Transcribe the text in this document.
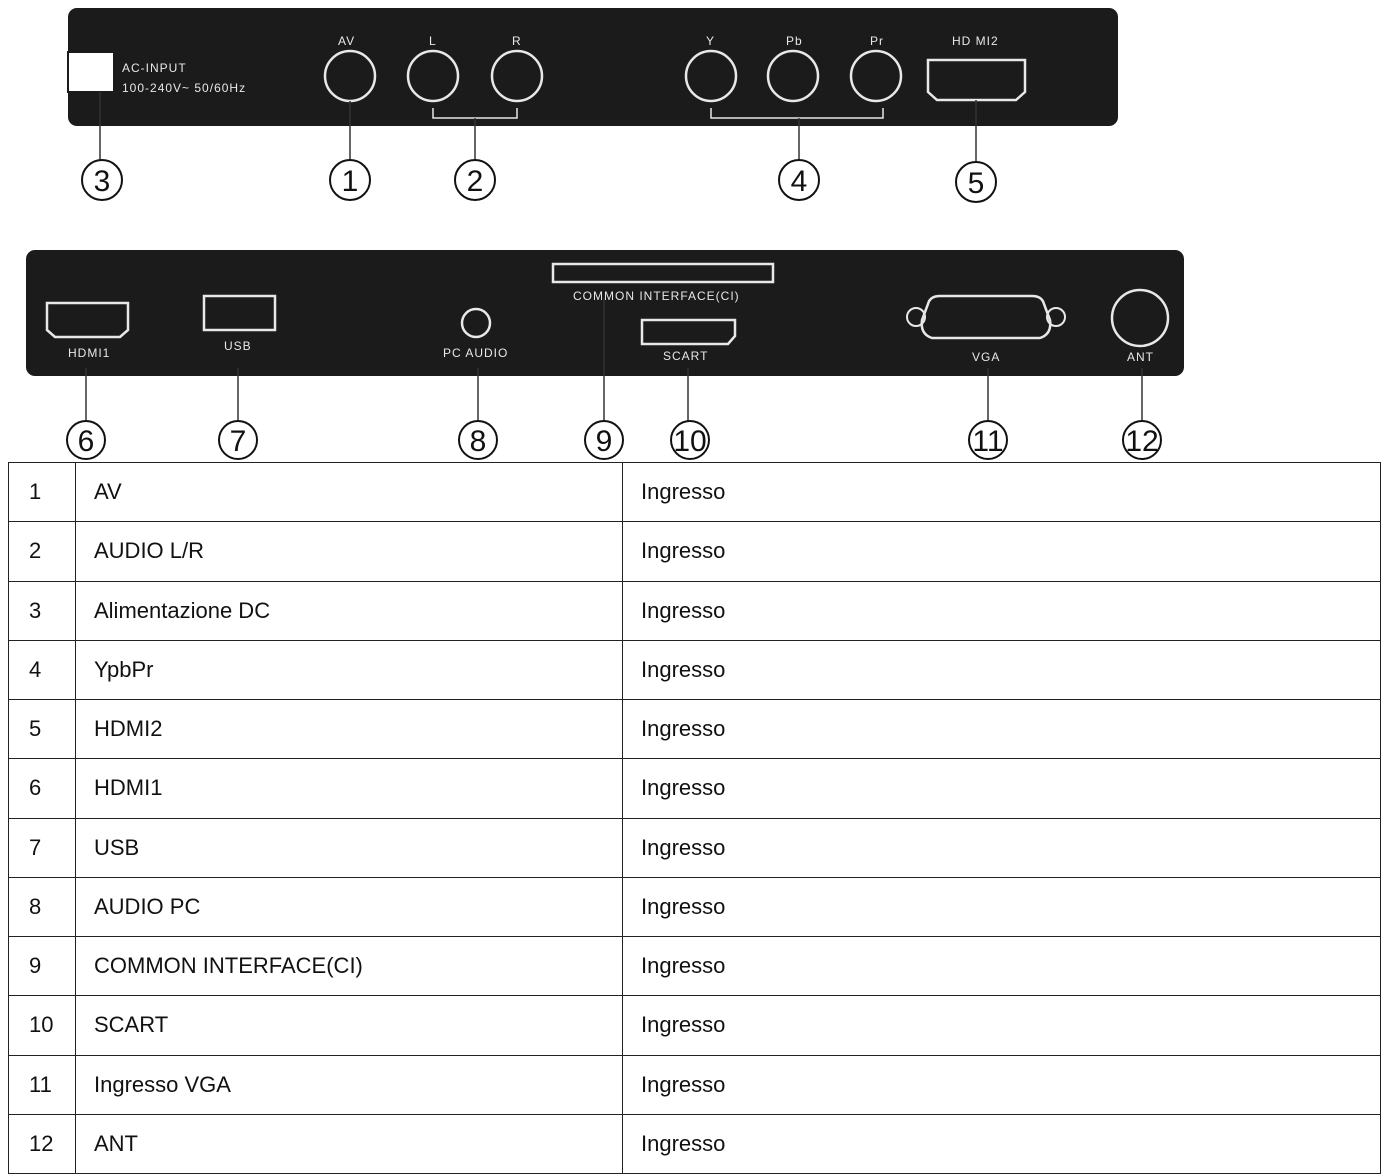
AC-INPUT
100-240V~ 50/60Hz
AV	L	R	Y	Pb	Pr	HD MI2
3	1	2	4	5
HDMI1	USB	PC AUDIO
COMMON INTERFACE(CI)
SCART	VGA	ANT
6	7	8	9 10	11	12
1	AV	Ingresso
2	AUDIO L/R	Ingresso
3	Alimentazione DC	Ingresso
4	YpbPr	Ingresso
5	HDMI2	Ingresso
6	HDMI1	Ingresso
7	USB	Ingresso
8	AUDIO PC	Ingresso
9	COMMON INTERFACE(CI)	Ingresso
10	SCART	Ingresso
11	Ingresso VGA	Ingresso
12	ANT	Ingresso
